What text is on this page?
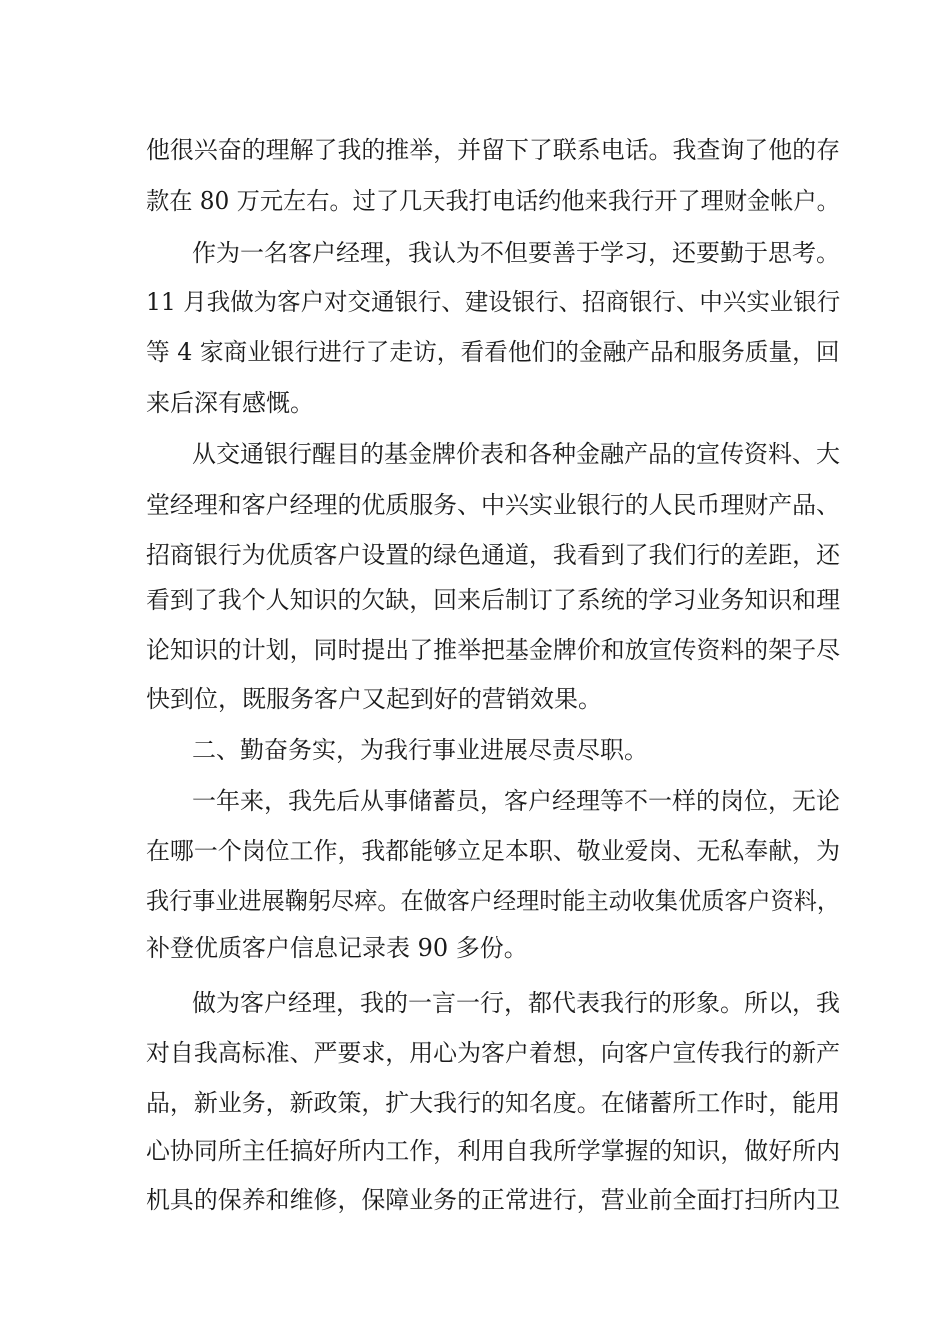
他很兴奋的理解了我的推举，并留下了联系电话。我查询了他的存
款在 80 万元左右。过了几天我打电话约他来我行开了理财金帐户。
作为一名客户经理，我认为不但要善于学习，还要勤于思考。
11 月我做为客户对交通银行、建设银行、招商银行、中兴实业银行
等 4 家商业银行进行了走访，看看他们的金融产品和服务质量，回
来后深有感慨。
从交通银行醒目的基金牌价表和各种金融产品的宣传资料、大
堂经理和客户经理的优质服务、中兴实业银行的人民币理财产品、
招商银行为优质客户设置的绿色通道，我看到了我们行的差距，还
看到了我个人知识的欠缺，回来后制订了系统的学习业务知识和理
论知识的计划，同时提出了推举把基金牌价和放宣传资料的架子尽
快到位，既服务客户又起到好的营销效果。
二、勤奋务实，为我行事业进展尽责尽职。
一年来，我先后从事储蓄员，客户经理等不一样的岗位，无论
在哪一个岗位工作，我都能够立足本职、敬业爱岗、无私奉献，为
我行事业进展鞠躬尽瘁。在做客户经理时能主动收集优质客户资料，
补登优质客户信息记录表 90 多份。
做为客户经理，我的一言一行，都代表我行的形象。所以，我
对自我高标准、严要求，用心为客户着想，向客户宣传我行的新产
品，新业务，新政策，扩大我行的知名度。在储蓄所工作时，能用
心协同所主任搞好所内工作，利用自我所学掌握的知识，做好所内
机具的保养和维修，保障业务的正常进行，营业前全面打扫所内卫
